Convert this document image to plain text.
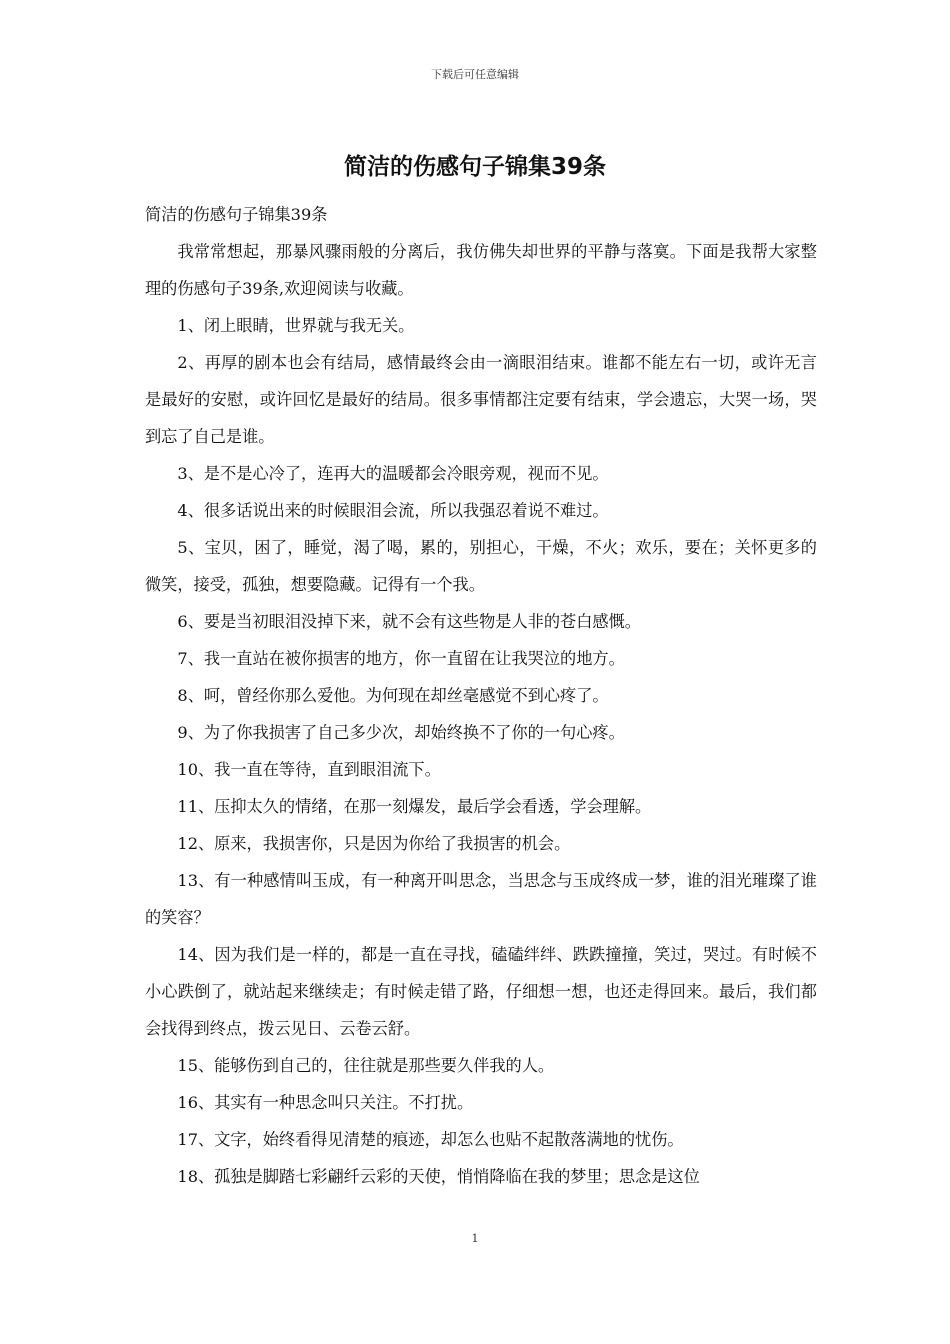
下载后可任意编辑
简洁的伤感句子锦集39条

简洁的伤感句子锦集39条

我常常想起，那暴风骤雨般的分离后，我仿佛失却世界的平静与落寞。下面是我帮大家整理的伤感句子39条,欢迎阅读与收藏。

1、闭上眼睛，世界就与我无关。

2、再厚的剧本也会有结局，感情最终会由一滴眼泪结束。谁都不能左右一切，或许无言是最好的安慰，或许回忆是最好的结局。很多事情都注定要有结束，学会遗忘，大哭一场，哭到忘了自己是谁。

3、是不是心冷了，连再大的温暖都会冷眼旁观，视而不见。

4、很多话说出来的时候眼泪会流，所以我强忍着说不难过。

5、宝贝，困了，睡觉，渴了喝，累的，别担心，干燥，不火；欢乐，要在；关怀更多的微笑，接受，孤独，想要隐藏。记得有一个我。

6、要是当初眼泪没掉下来，就不会有这些物是人非的苍白感慨。

7、我一直站在被你损害的地方，你一直留在让我哭泣的地方。

8、呵，曾经你那么爱他。为何现在却丝毫感觉不到心疼了。

9、为了你我损害了自己多少次，却始终换不了你的一句心疼。

10、我一直在等待，直到眼泪流下。

11、压抑太久的情绪，在那一刻爆发，最后学会看透，学会理解。

12、原来，我损害你，只是因为你给了我损害的机会。

13、有一种感情叫玉成，有一种离开叫思念，当思念与玉成终成一梦，谁的泪光璀璨了谁的笑容？

14、因为我们是一样的，都是一直在寻找，磕磕绊绊、跌跌撞撞，笑过，哭过。有时候不小心跌倒了，就站起来继续走；有时候走错了路，仔细想一想，也还走得回来。最后，我们都会找得到终点，拨云见日、云卷云舒。

15、能够伤到自己的，往往就是那些要久伴我的人。

16、其实有一种思念叫只关注。不打扰。

17、文字，始终看得见清楚的痕迹，却怎么也贴不起散落满地的忧伤。

18、孤独是脚踏七彩翩纤云彩的天使，悄悄降临在我的梦里；思念是这位

1
